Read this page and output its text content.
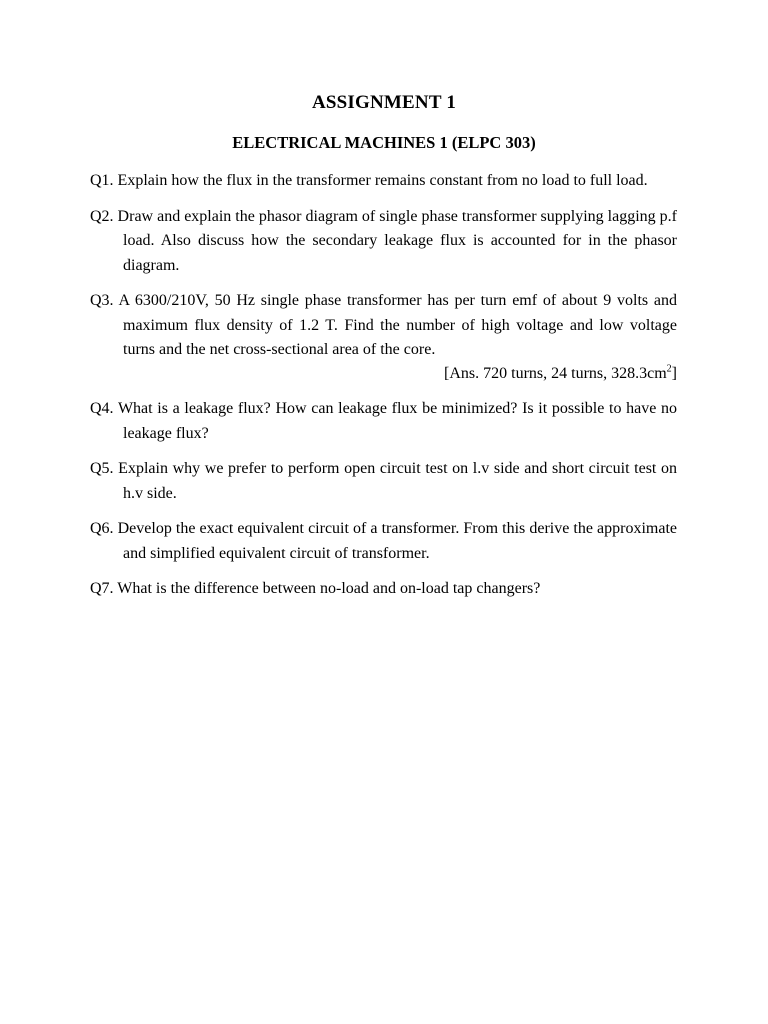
ASSIGNMENT 1
ELECTRICAL MACHINES 1 (ELPC 303)

Q1. Explain how the flux in the transformer remains constant from no load to full load.

Q2. Draw and explain the phasor diagram of single phase transformer supplying lagging p.f load. Also discuss how the secondary leakage flux is accounted for in the phasor diagram.

Q3. A 6300/210V, 50 Hz single phase transformer has per turn emf of about 9 volts and maximum flux density of 1.2 T. Find the number of high voltage and low voltage turns and the net cross-sectional area of the core.
[Ans. 720 turns, 24 turns, $328.3cm^2$]

Q4. What is a leakage flux? How can leakage flux be minimized? Is it possible to have no leakage flux?

Q5. Explain why we prefer to perform open circuit test on l.v side and short circuit test on h.v side.

Q6. Develop the exact equivalent circuit of a transformer. From this derive the approximate and simplified equivalent circuit of transformer.

Q7. What is the difference between no-load and on-load tap changers?
